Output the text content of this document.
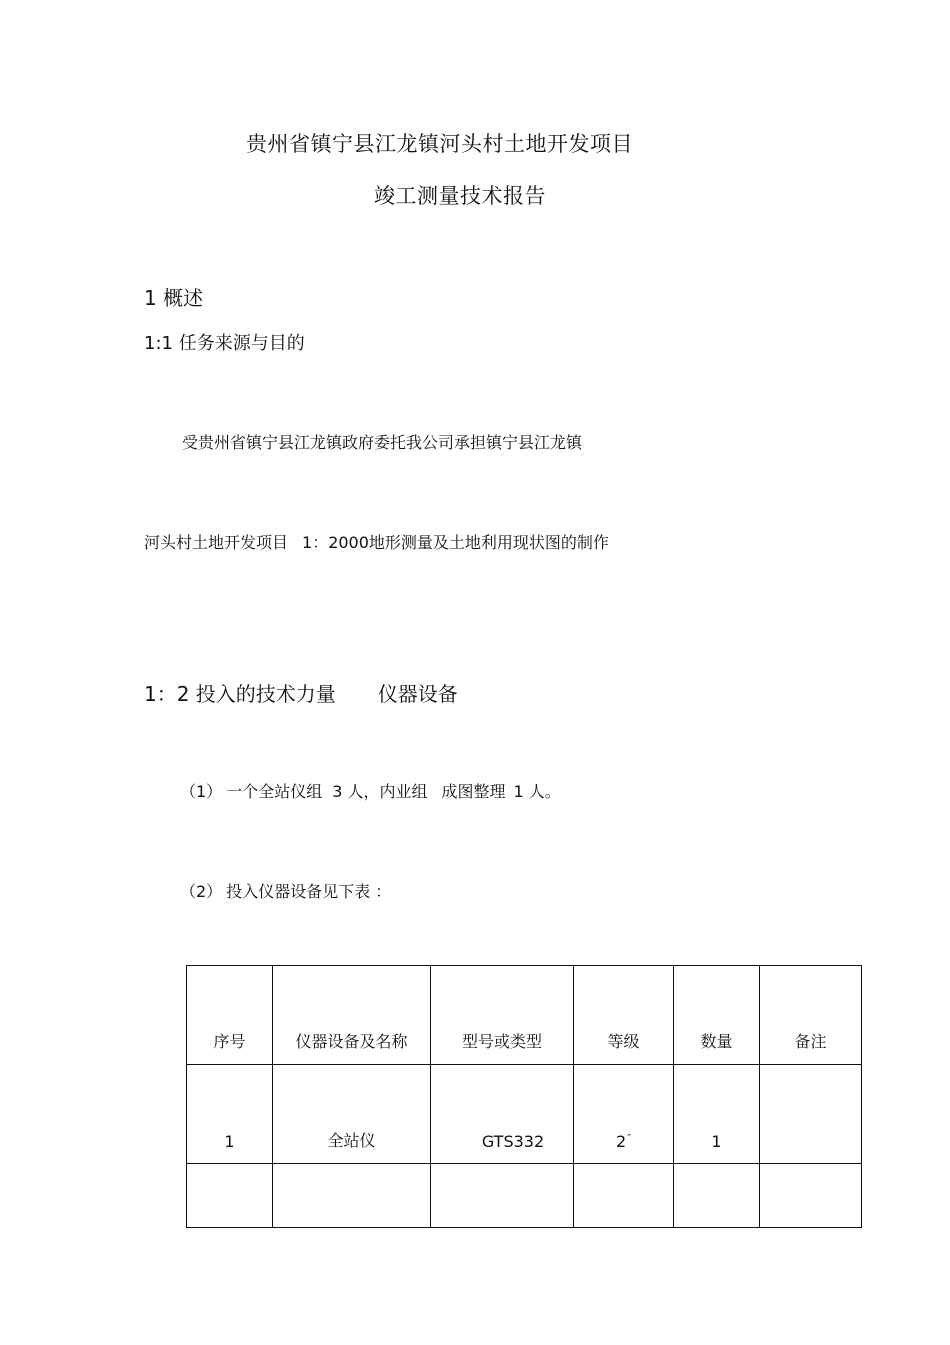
贵州省镇宁县江龙镇河头村土地开发项目
竣工测量技术报告
1 概述
1:1 任务来源与目的
受贵州省镇宁县江龙镇政府委托我公司承担镇宁县江龙镇
河头村土地开发项目 1：2000地形测量及土地利用现状图的制作
1：2 投入的技术力量 仪器设备
（1） 一个全站仪组 3 人，内业组 成图整理 1 人。
（2） 投入仪器设备见下表 ：
序号	仪器设备及名称	型号或类型	等级	数量	备注
1	全站仪	GTS332	2″	1	
